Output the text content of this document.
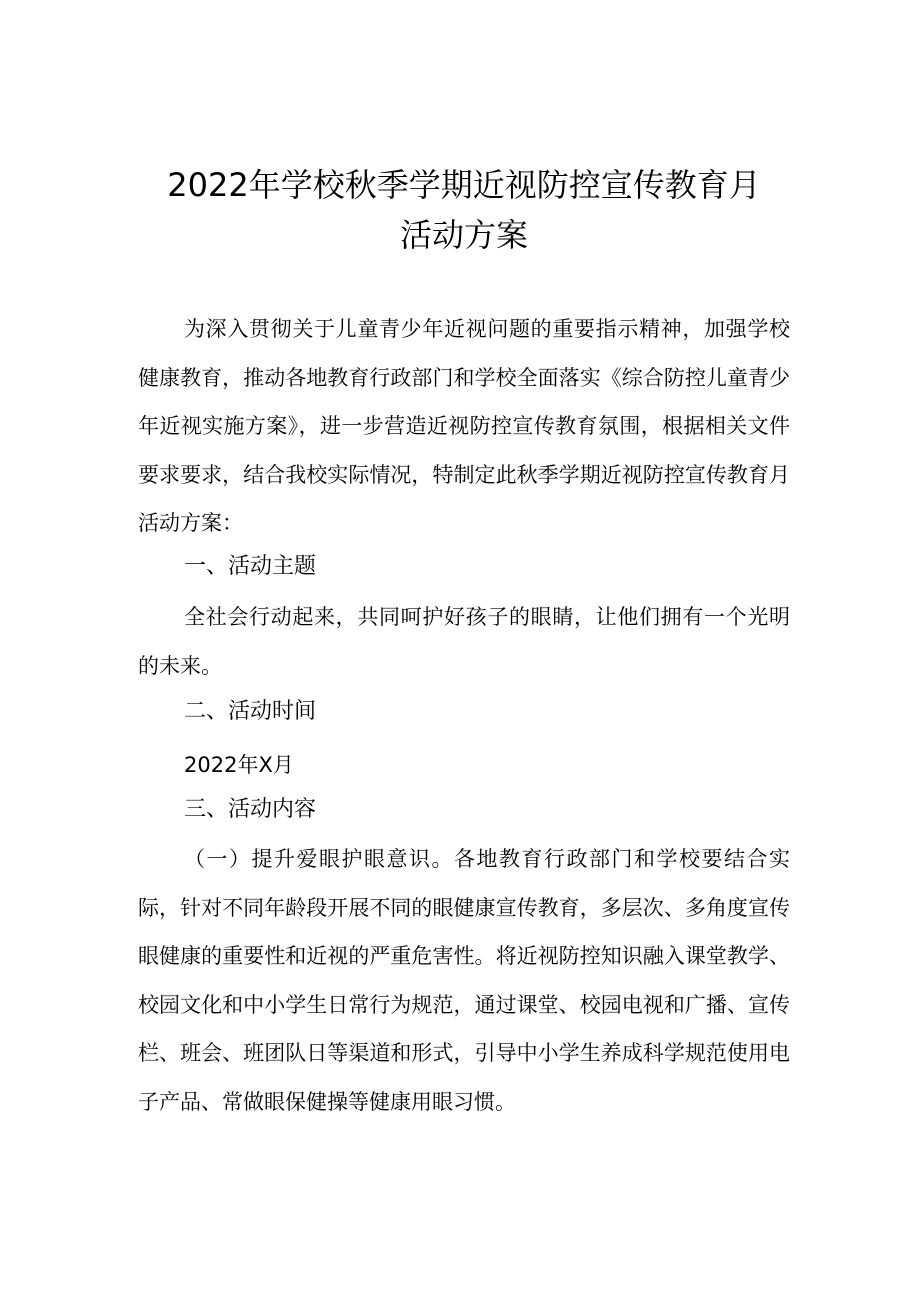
2022年学校秋季学期近视防控宣传教育月
活动方案

为深入贯彻关于儿童青少年近视问题的重要指示精神，加强学校健康教育，推动各地教育行政部门和学校全面落实《综合防控儿童青少年近视实施方案》，进一步营造近视防控宣传教育氛围，根据相关文件要求要求，结合我校实际情况，特制定此秋季学期近视防控宣传教育月活动方案：

一、活动主题

全社会行动起来，共同呵护好孩子的眼睛，让他们拥有一个光明的未来。

二、活动时间

2022年X月

三、活动内容

（一）提升爱眼护眼意识。各地教育行政部门和学校要结合实际，针对不同年龄段开展不同的眼健康宣传教育，多层次、多角度宣传眼健康的重要性和近视的严重危害性。将近视防控知识融入课堂教学、校园文化和中小学生日常行为规范，通过课堂、校园电视和广播、宣传栏、班会、班团队日等渠道和形式，引导中小学生养成科学规范使用电子产品、常做眼保健操等健康用眼习惯。
